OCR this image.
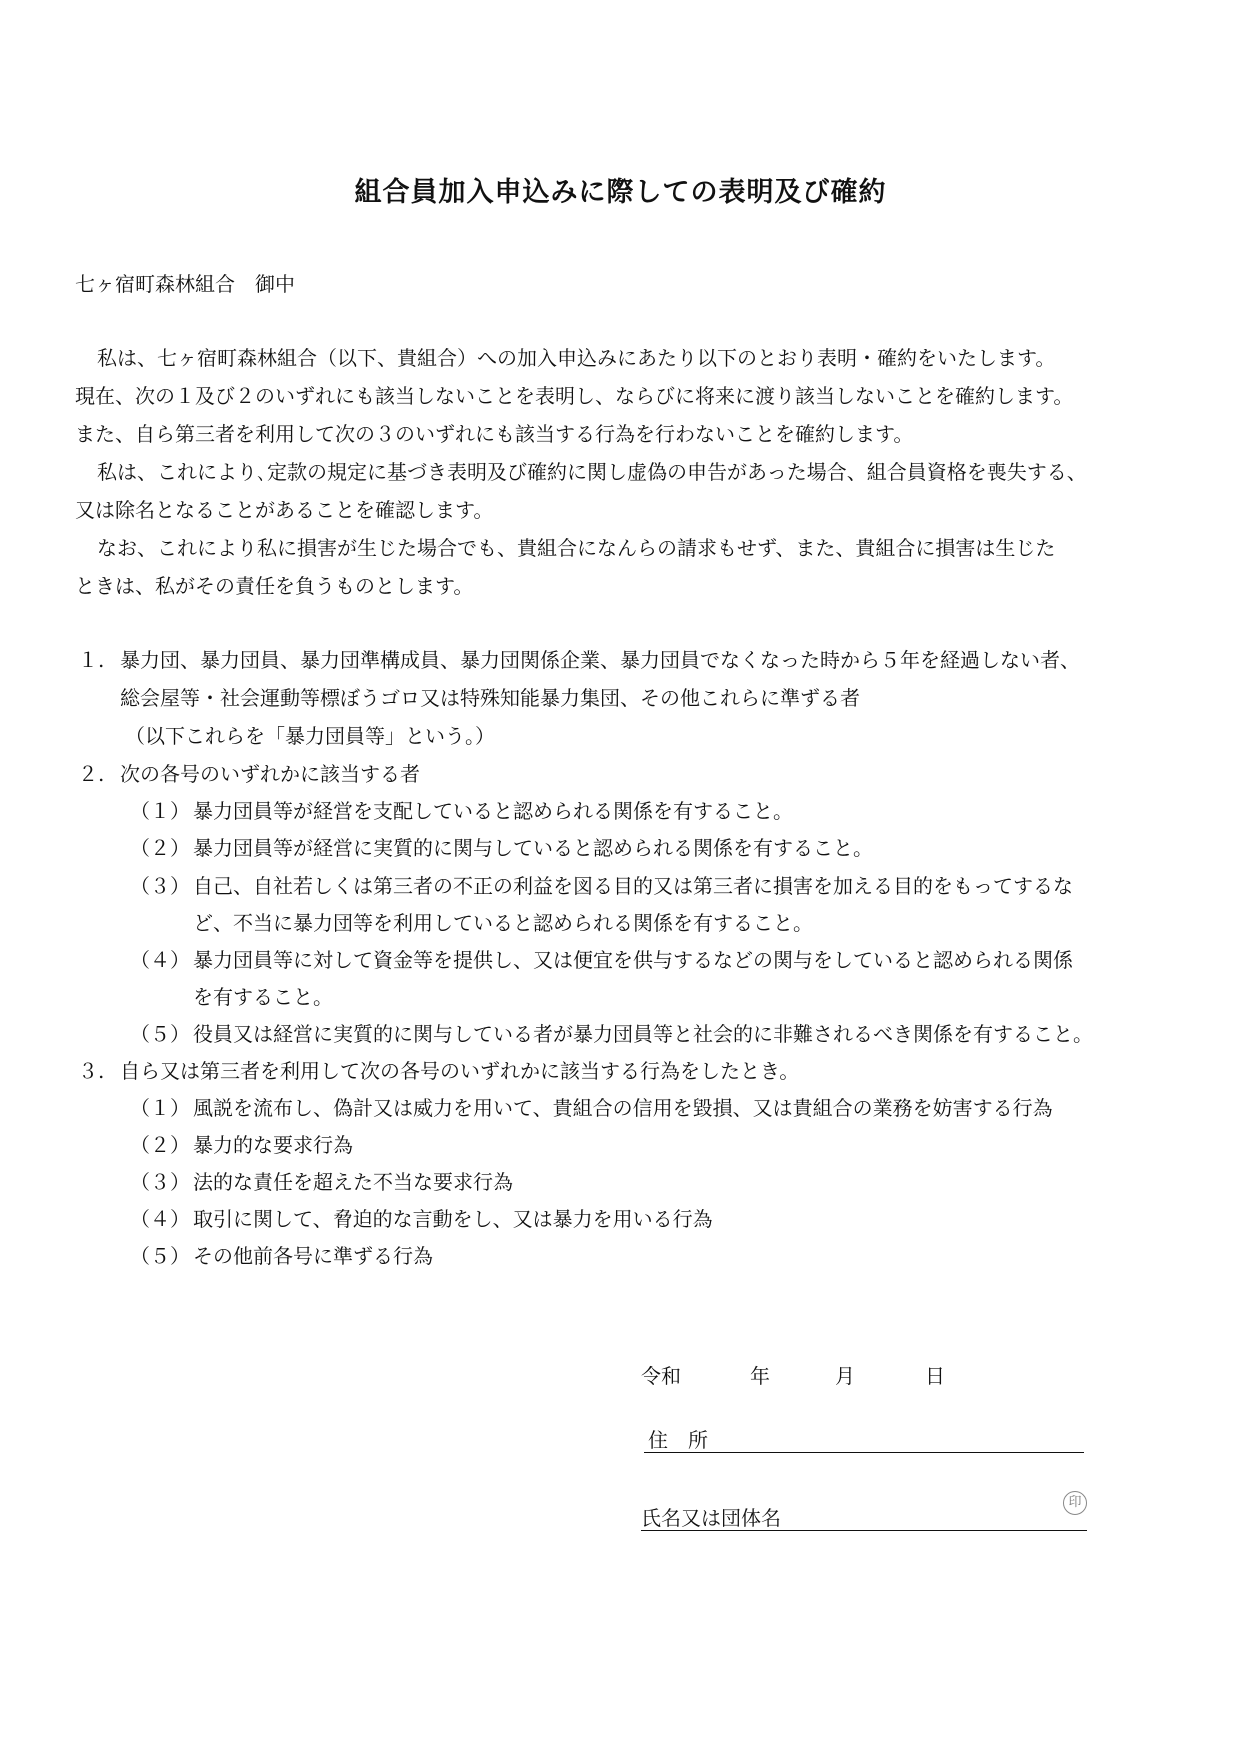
組合員加入申込みに際しての表明及び確約
七ヶ宿町森林組合　御中
私は、七ヶ宿町森林組合（以下、貴組合）への加入申込みにあたり以下のとおり表明・確約をいたします。
現在、次の１及び２のいずれにも該当しないことを表明し、ならびに将来に渡り該当しないことを確約します。
また、自ら第三者を利用して次の３のいずれにも該当する行為を行わないことを確約します。
私は、これにより､定款の規定に基づき表明及び確約に関し虚偽の申告があった場合、組合員資格を喪失する、
又は除名となることがあることを確認します。
なお、これにより私に損害が生じた場合でも、貴組合になんらの請求もせず、また、貴組合に損害は生じた
ときは、私がその責任を負うものとします。
１. 暴力団、暴力団員、暴力団準構成員、暴力団関係企業、暴力団員でなくなった時から５年を経過しない者、
総会屋等・社会運動等標ぼうゴロ又は特殊知能暴力集団、その他これらに準ずる者
（以下これらを「暴力団員等」という。）
２. 次の各号のいずれかに該当する者
（１） 暴力団員等が経営を支配していると認められる関係を有すること。
（２） 暴力団員等が経営に実質的に関与していると認められる関係を有すること。
（３） 自己、自社若しくは第三者の不正の利益を図る目的又は第三者に損害を加える目的をもってするな
ど、不当に暴力団等を利用していると認められる関係を有すること。
（４） 暴力団員等に対して資金等を提供し、又は便宜を供与するなどの関与をしていると認められる関係
を有すること。
（５） 役員又は経営に実質的に関与している者が暴力団員等と社会的に非難されるべき関係を有すること。
３. 自ら又は第三者を利用して次の各号のいずれかに該当する行為をしたとき。
（１） 風説を流布し、偽計又は威力を用いて、貴組合の信用を毀損、又は貴組合の業務を妨害する行為
（２） 暴力的な要求行為
（３） 法的な責任を超えた不当な要求行為
（４） 取引に関して、脅迫的な言動をし、又は暴力を用いる行為
（５） その他前各号に準ずる行為
令和	年	月	日
住　所
氏名又は団体名
印
